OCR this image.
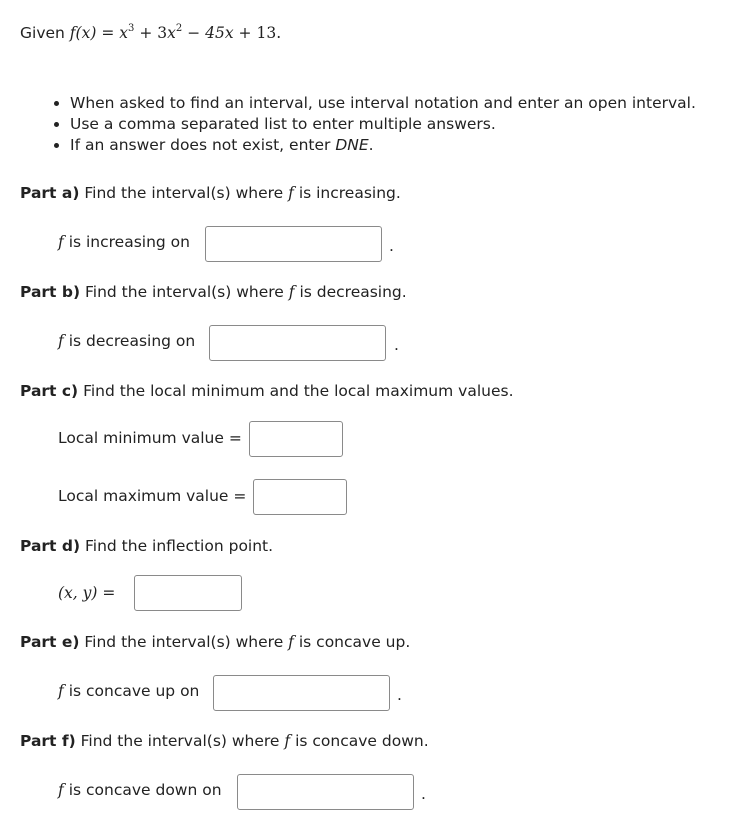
Given $f(x) = x^3 + 3x^2 - 45x + 13$.
• When asked to find an interval, use interval notation and enter an open interval.
• Use a comma separated list to enter multiple answers.
• If an answer does not exist, enter DNE.
Part a) Find the interval(s) where f is increasing.
f is increasing on	.
Part b) Find the interval(s) where f is decreasing.
f is decreasing on	.
Part c) Find the local minimum and the local maximum values.
Local minimum value =
Local maximum value =
Part d) Find the inflection point.
(x, y) =
Part e) Find the interval(s) where f is concave up.
f is concave up on	.
Part f) Find the interval(s) where f is concave down.
f is concave down on	.
